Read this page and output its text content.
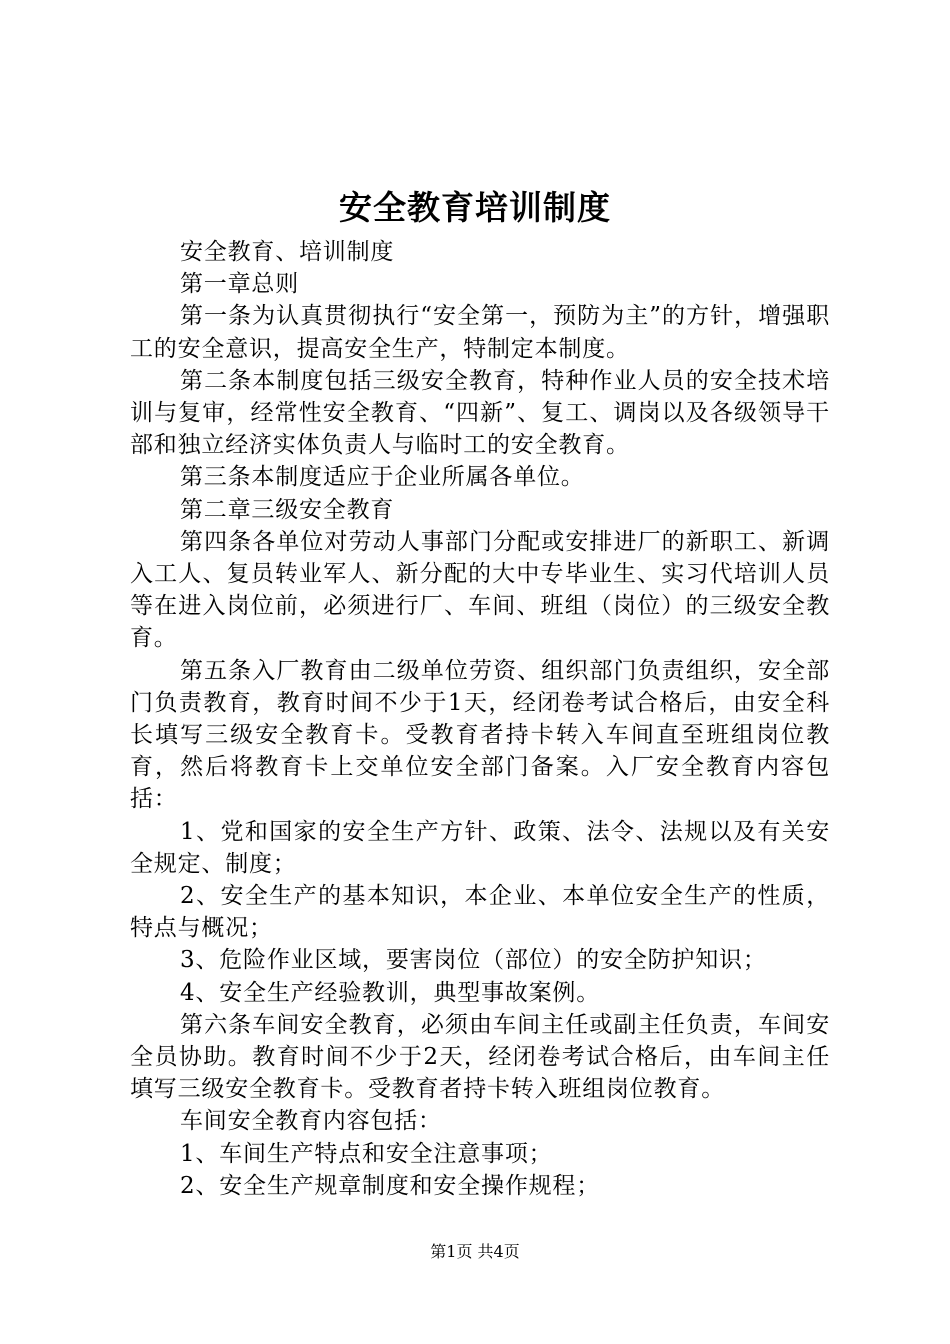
安全教育培训制度

安全教育、培训制度

第一章总则

第一条为认真贯彻执行“安全第一，预防为主”的方针，增强职工的安全意识，提高安全生产，特制定本制度。

第二条本制度包括三级安全教育，特种作业人员的安全技术培训与复审，经常性安全教育、“四新”、复工、调岗以及各级领导干部和独立经济实体负责人与临时工的安全教育。

第三条本制度适应于企业所属各单位。

第二章三级安全教育

第四条各单位对劳动人事部门分配或安排进厂的新职工、新调入工人、复员转业军人、新分配的大中专毕业生、实习代培训人员等在进入岗位前，必须进行厂、车间、班组（岗位）的三级安全教育。

第五条入厂教育由二级单位劳资、组织部门负责组织，安全部门负责教育，教育时间不少于1天，经闭卷考试合格后，由安全科长填写三级安全教育卡。受教育者持卡转入车间直至班组岗位教育，然后将教育卡上交单位安全部门备案。入厂安全教育内容包括：

1、党和国家的安全生产方针、政策、法令、法规以及有关安全规定、制度；

2、安全生产的基本知识，本企业、本单位安全生产的性质，特点与概况；

3、危险作业区域，要害岗位（部位）的安全防护知识；

4、安全生产经验教训，典型事故案例。

第六条车间安全教育，必须由车间主任或副主任负责，车间安全员协助。教育时间不少于2天，经闭卷考试合格后，由车间主任填写三级安全教育卡。受教育者持卡转入班组岗位教育。

车间安全教育内容包括：

1、车间生产特点和安全注意事项；

2、安全生产规章制度和安全操作规程；

第1页 共4页
